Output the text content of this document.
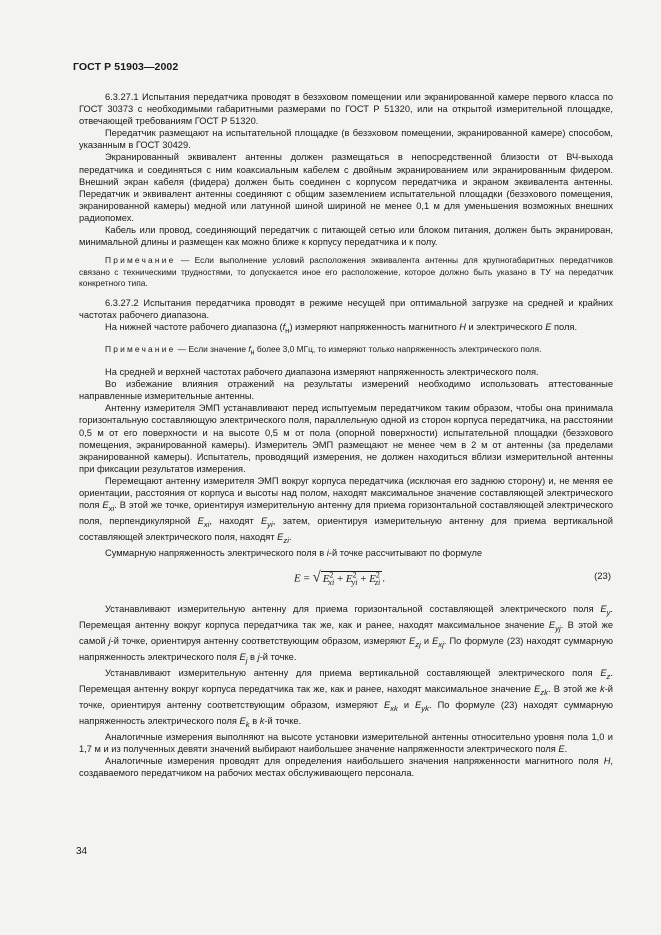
ГОСТ Р 51903—2002

6.3.27.1 Испытания передатчика проводят в безэховом помещении или экранированной камере первого класса по ГОСТ 30373 с необходимыми габаритными размерами по ГОСТ Р 51320, или на открытой измерительной площадке, отвечающей требованиям ГОСТ Р 51320.

Передатчик размещают на испытательной площадке (в безэховом помещении, экранированной камере) способом, указанным в ГОСТ 30429.

Экранированный эквивалент антенны должен размещаться в непосредственной близости от ВЧ-выхода передатчика и соединяться с ним коаксиальным кабелем с двойным экранированием или экранированным фидером. Внешний экран кабеля (фидера) должен быть соединен с корпусом передатчика и экраном эквивалента антенны. Передатчик и эквивалент антенны соединяют с общим заземлением испытательной площадки (безэхового помещения, экранированной камеры) медной или латунной шиной шириной не менее 0,1 м для уменьшения возможных внешних радиопомех.

Кабель или провод, соединяющий передатчик с питающей сетью или блоком питания, должен быть экранирован, минимальной длины и размещен как можно ближе к корпусу передатчика и к полу.

Примечание — Если выполнение условий расположения эквивалента антенны для крупногабаритных передатчиков связано с техническими трудностями, то допускается иное его расположение, которое должно быть указано в ТУ на передатчик конкретного типа.

6.3.27.2 Испытания передатчика проводят в режиме несущей при оптимальной загрузке на средней и крайних частотах рабочего диапазона.

На нижней частоте рабочего диапазона $(f_н)$ измеряют напряженность магнитного H и электрического E поля.

Примечание — Если значение $f_н$ более 3,0 МГц, то измеряют только напряженность электрического поля.

На средней и верхней частотах рабочего диапазона измеряют напряженность электрического поля.

Во избежание влияния отражений на результаты измерений необходимо использовать аттестованные направленные измерительные антенны.

Антенну измерителя ЭМП устанавливают перед испытуемым передатчиком таким образом, чтобы она принимала горизонтальную составляющую электрического поля, параллельную одной из сторон корпуса передатчика, на расстоянии 0,5 м от его поверхности и на высоте 0,5 м от пола (опорной поверхности) испытательной площадки (безэхового помещения, экранированной камеры). Измеритель ЭМП размещают не менее чем в 2 м от антенны (за пределами экранированной камеры). Испытатель, проводящий измерения, не должен находиться вблизи измерительной антенны при фиксации результатов измерения.

Перемещают антенну измерителя ЭМП вокруг корпуса передатчика (исключая его заднюю сторону) и, не меняя ее ориентации, расстояния от корпуса и высоты над полом, находят максимальное значение составляющей электрического поля $E_{xi}$. В этой же точке, ориентируя измерительную антенну для приема горизонтальной составляющей электрического поля, перпендикулярной $E_{xi}$, находят $E_{yi}$, затем, ориентируя измерительную антенну для приема вертикальной составляющей электрического поля, находят $E_{zi}$.

Суммарную напряженность электрического поля в i-й точке рассчитывают по формуле

E = √ $E^2_{xi} + E^2_{yi} + E^2_{zi}$ .	(23)

Устанавливают измерительную антенну для приема горизонтальной составляющей электрического поля $E_y$. Перемещая антенну вокруг корпуса передатчика так же, как и ранее, находят максимальное значение $E_{yj}$. В этой же самой j-й точке, ориентируя антенну соответствующим образом, измеряют $E_{zj}$ и $E_{xj}$. По формуле (23) находят суммарную напряженность электрического поля $E_j$ в j-й точке.

Устанавливают измерительную антенну для приема вертикальной составляющей электрического поля $E_z$. Перемещая антенну вокруг корпуса передатчика так же, как и ранее, находят максимальное значение $E_{zk}$. В этой же k-й точке, ориентируя антенну соответствующим образом, измеряют $E_{xk}$ и $E_{yk}$. По формуле (23) находят суммарную напряженность электрического поля $E_k$ в k-й точке.

Аналогичные измерения выполняют на высоте установки измерительной антенны относительно уровня пола 1,0 и 1,7 м и из полученных девяти значений выбирают наибольшее значение напряженности электрического поля E.

Аналогичные измерения проводят для определения наибольшего значения напряженности магнитного поля H, создаваемого передатчиком на рабочих местах обслуживающего персонала.

34
